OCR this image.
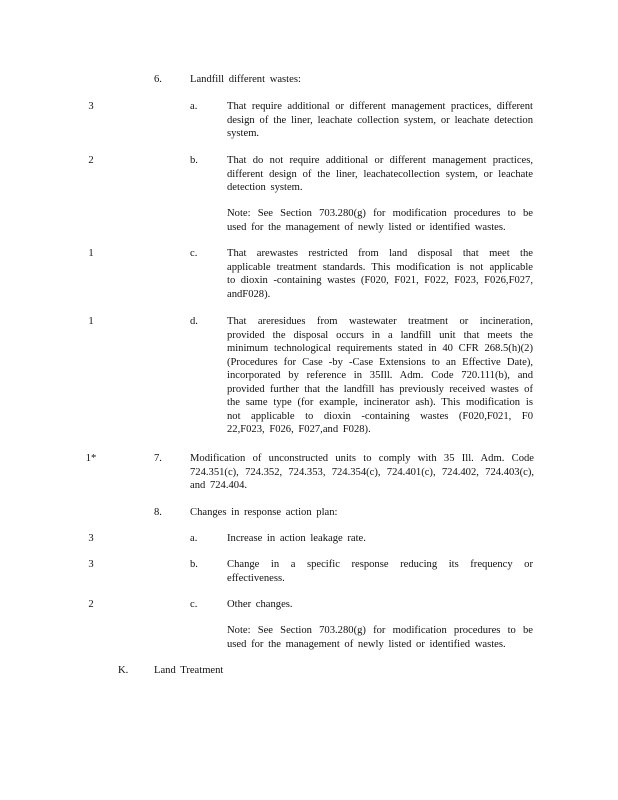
6.	Landfill different wastes:
3	a.	That require additional or different management practices, different design of the liner, leachate collection system, or leachate detection system.
2	b.	That do not require additional or different management practices, different design of the liner, leachatecollection system, or leachate detection system.
Note: See Section 703.280(g) for modification procedures to be used for the management of newly listed or identified wastes.
1	c.	That arewastes restricted from land disposal that meet the applicable treatment standards. This modification is not applicable to dioxin -containing wastes (F020, F021, F022, F023, F026,F027, andF028).
1	d.	That areresidues from wastewater treatment or incineration, provided the disposal occurs in a landfill unit that meets the minimum technological requirements stated in 40 CFR 268.5(h)(2) (Procedures for Case -by -Case Extensions to an Effective Date), incorporated by reference in 35Ill. Adm. Code 720.111(b), and provided further that the landfill has previously received wastes of the same type (for example, incinerator ash). This modification is not applicable to dioxin -containing wastes (F020,F021, F0 22,F023, F026, F027,and F028).
1*	7.	Modification of unconstructed units to comply with 35 Ill. Adm. Code 724.351(c), 724.352, 724.353, 724.354(c), 724.401(c), 724.402, 724.403(c), and 724.404.
8.	Changes in response action plan:
3	a.	Increase in action leakage rate.
3	b.	Change in a specific response reducing its frequency or effectiveness.
2	c.	Other changes.
Note: See Section 703.280(g) for modification procedures to be used for the management of newly listed or identified wastes.
K. Land Treatment
